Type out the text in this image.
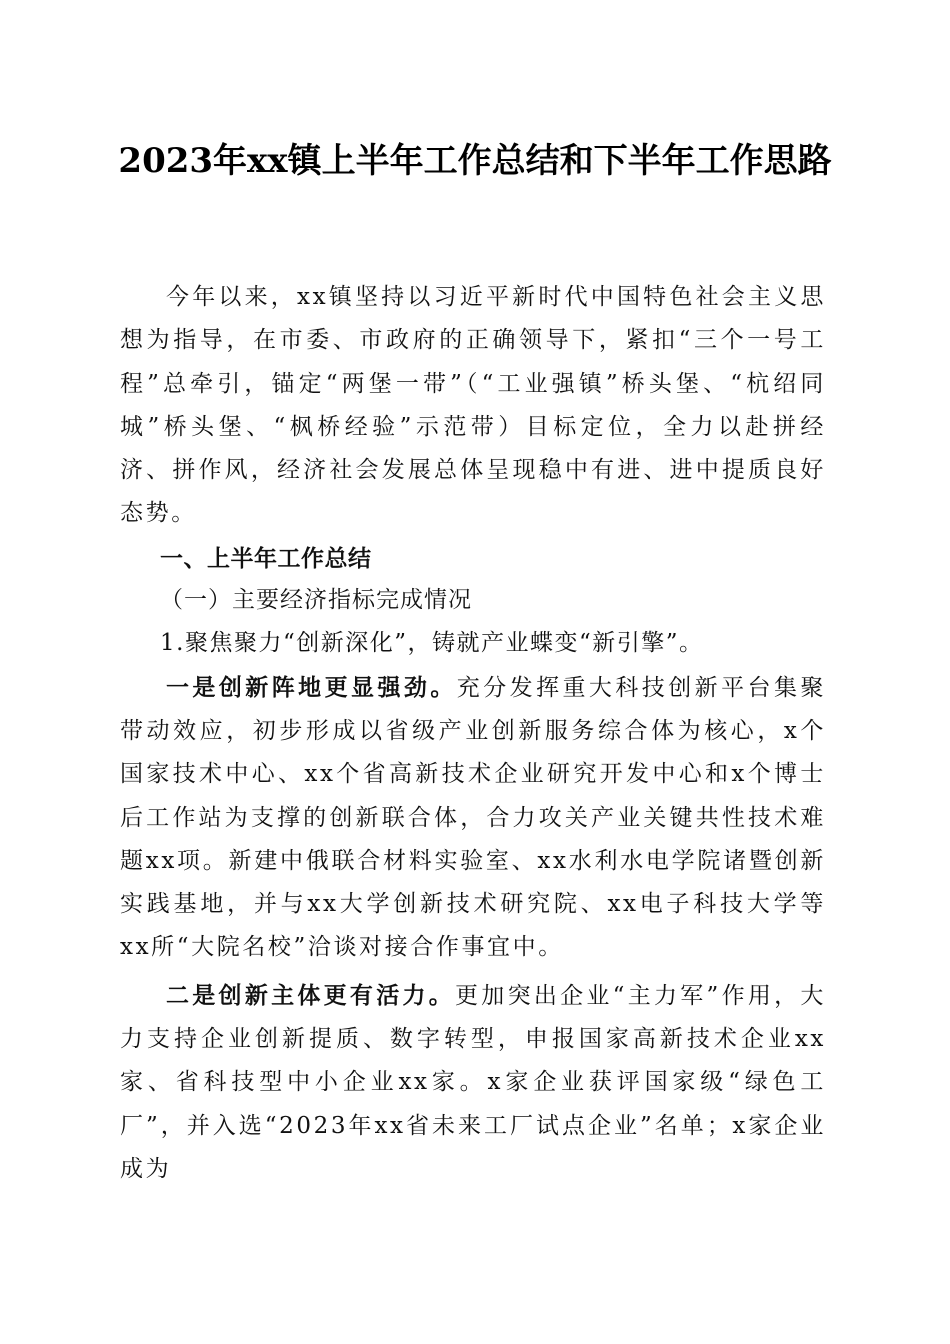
2023年xx镇上半年工作总结和下半年工作思路

今年以来，xx镇坚持以习近平新时代中国特色社会主义思想为指导，在市委、市政府的正确领导下，紧扣“三个一号工程”总牵引，锚定“两堡一带”（“工业强镇”桥头堡、“杭绍同城”桥头堡、“枫桥经验”示范带）目标定位，全力以赴拼经济、拼作风，经济社会发展总体呈现稳中有进、进中提质良好态势。

一、上半年工作总结

（一）主要经济指标完成情况

1.聚焦聚力“创新深化”，铸就产业蝶变“新引擎”。

一是创新阵地更显强劲。充分发挥重大科技创新平台集聚带动效应，初步形成以省级产业创新服务综合体为核心，x个国家技术中心、xx个省高新技术企业研究开发中心和x个博士后工作站为支撑的创新联合体，合力攻关产业关键共性技术难题xx项。新建中俄联合材料实验室、xx水利水电学院诸暨创新实践基地，并与xx大学创新技术研究院、xx电子科技大学等xx所“大院名校”洽谈对接合作事宜中。

二是创新主体更有活力。更加突出企业“主力军”作用，大力支持企业创新提质、数字转型，申报国家高新技术企业xx家、省科技型中小企业xx家。x家企业获评国家级“绿色工厂”，并入选“2023年xx省未来工厂试点企业”名单；x家企业成为
